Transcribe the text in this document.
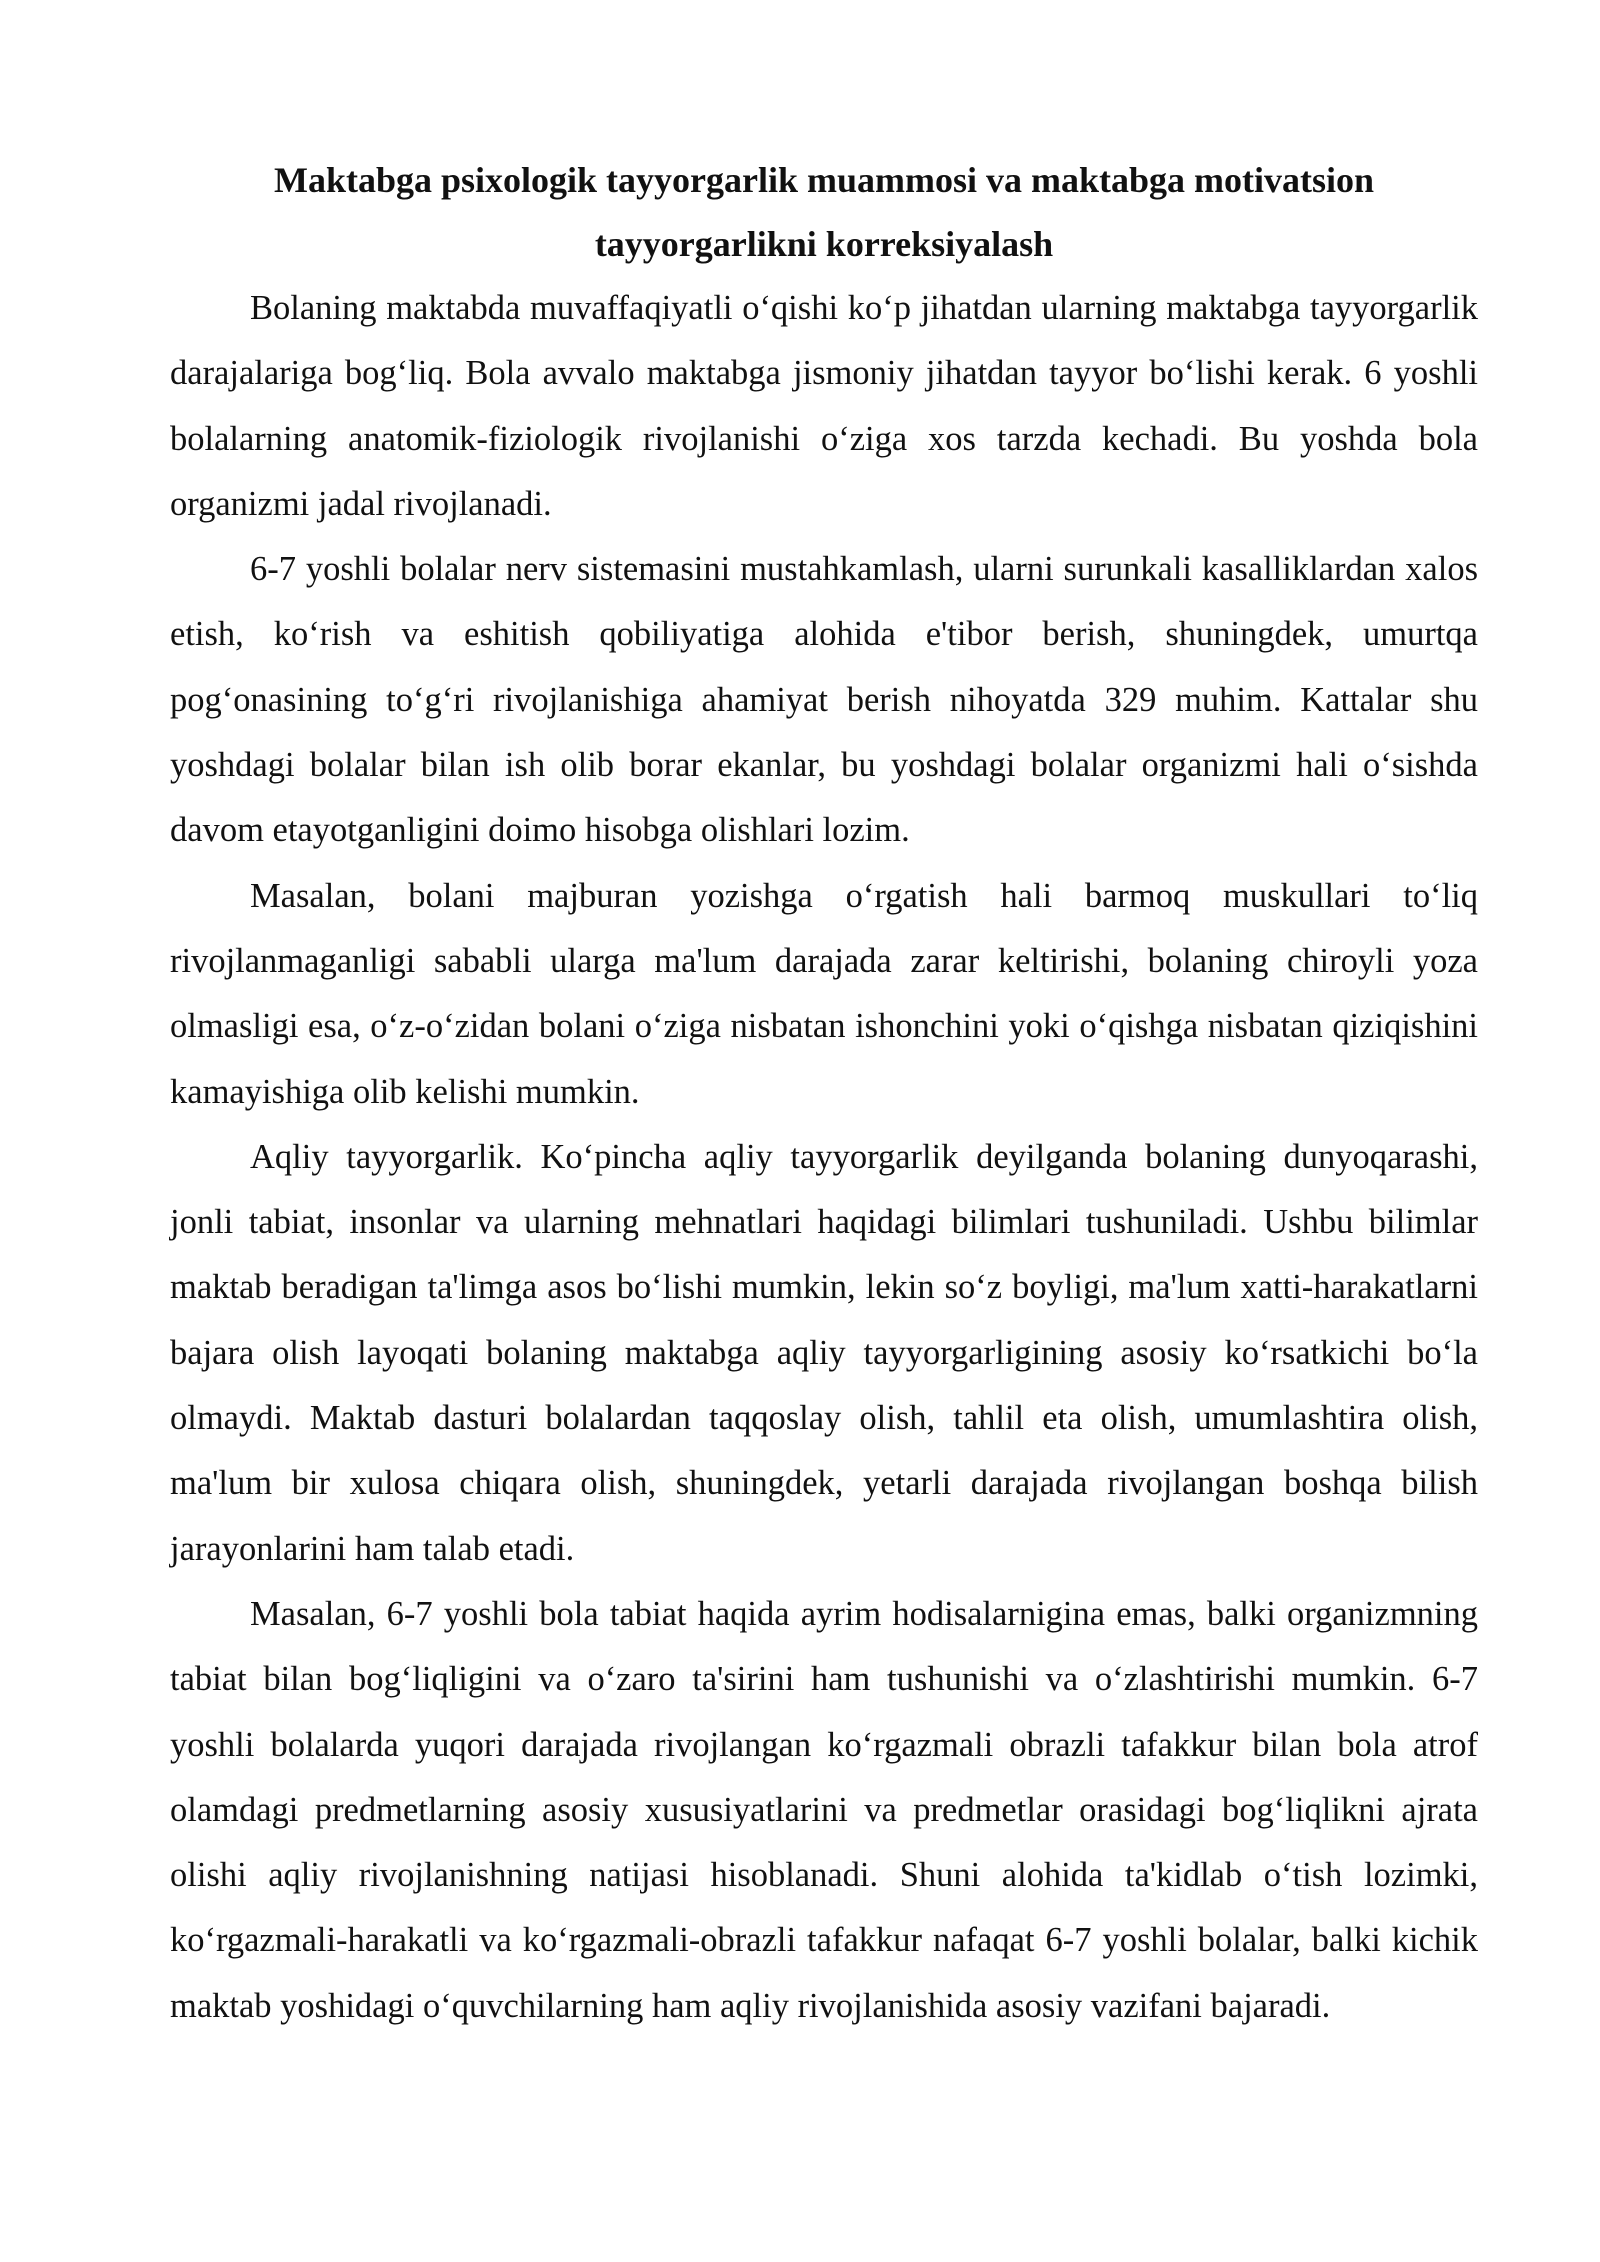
Maktabga psixologik tayyorgarlik muammosi va maktabga motivatsion
tayyorgarlikni korreksiyalash

Bolaning maktabda muvaffaqiyatli o‘qishi ko‘p jihatdan ularning maktabga tayyorgarlik darajalariga bog‘liq. Bola avvalo maktabga jismoniy jihatdan tayyor bo‘lishi kerak. 6 yoshli bolalarning anatomik-fiziologik rivojlanishi o‘ziga xos tarzda kechadi. Bu yoshda bola organizmi jadal rivojlanadi.

6-7 yoshli bolalar nerv sistemasini mustahkamlash, ularni surunkali kasalliklardan xalos etish, ko‘rish va eshitish qobiliyatiga alohida e'tibor berish, shuningdek, umurtqa pog‘onasining to‘g‘ri rivojlanishiga ahamiyat berish nihoyatda 329 muhim. Kattalar shu yoshdagi bolalar bilan ish olib borar ekanlar, bu yoshdagi bolalar organizmi hali o‘sishda davom etayotganligini doimo hisobga olishlari lozim.

Masalan, bolani majburan yozishga o‘rgatish hali barmoq muskullari to‘liq rivojlanmaganligi sababli ularga ma'lum darajada zarar keltirishi, bolaning chiroyli yoza olmasligi esa, o‘z-o‘zidan bolani o‘ziga nisbatan ishonchini yoki o‘qishga nisbatan qiziqishini kamayishiga olib kelishi mumkin.

Aqliy tayyorgarlik. Ko‘pincha aqliy tayyorgarlik deyilganda bolaning dunyoqarashi, jonli tabiat, insonlar va ularning mehnatlari haqidagi bilimlari tushuniladi. Ushbu bilimlar maktab beradigan ta'limga asos bo‘lishi mumkin, lekin so‘z boyligi, ma'lum xatti-harakatlarni bajara olish layoqati bolaning maktabga aqliy tayyorgarligining asosiy ko‘rsatkichi bo‘la olmaydi. Maktab dasturi bolalardan taqqoslay olish, tahlil eta olish, umumlashtira olish, ma'lum bir xulosa chiqara olish, shuningdek, yetarli darajada rivojlangan boshqa bilish jarayonlarini ham talab etadi.

Masalan, 6-7 yoshli bola tabiat haqida ayrim hodisalarnigina emas, balki organizmning tabiat bilan bog‘liqligini va o‘zaro ta'sirini ham tushunishi va o‘zlashtirishi mumkin. 6-7 yoshli bolalarda yuqori darajada rivojlangan ko‘rgazmali obrazli tafakkur bilan bola atrof olamdagi predmetlarning asosiy xususiyatlarini va predmetlar orasidagi bog‘liqlikni ajrata olishi aqliy rivojlanishning natijasi hisoblanadi. Shuni alohida ta'kidlab o‘tish lozimki, ko‘rgazmali-harakatli va ko‘rgazmali-obrazli tafakkur nafaqat 6-7 yoshli bolalar, balki kichik maktab yoshidagi o‘quvchilarning ham aqliy rivojlanishida asosiy vazifani bajaradi.
